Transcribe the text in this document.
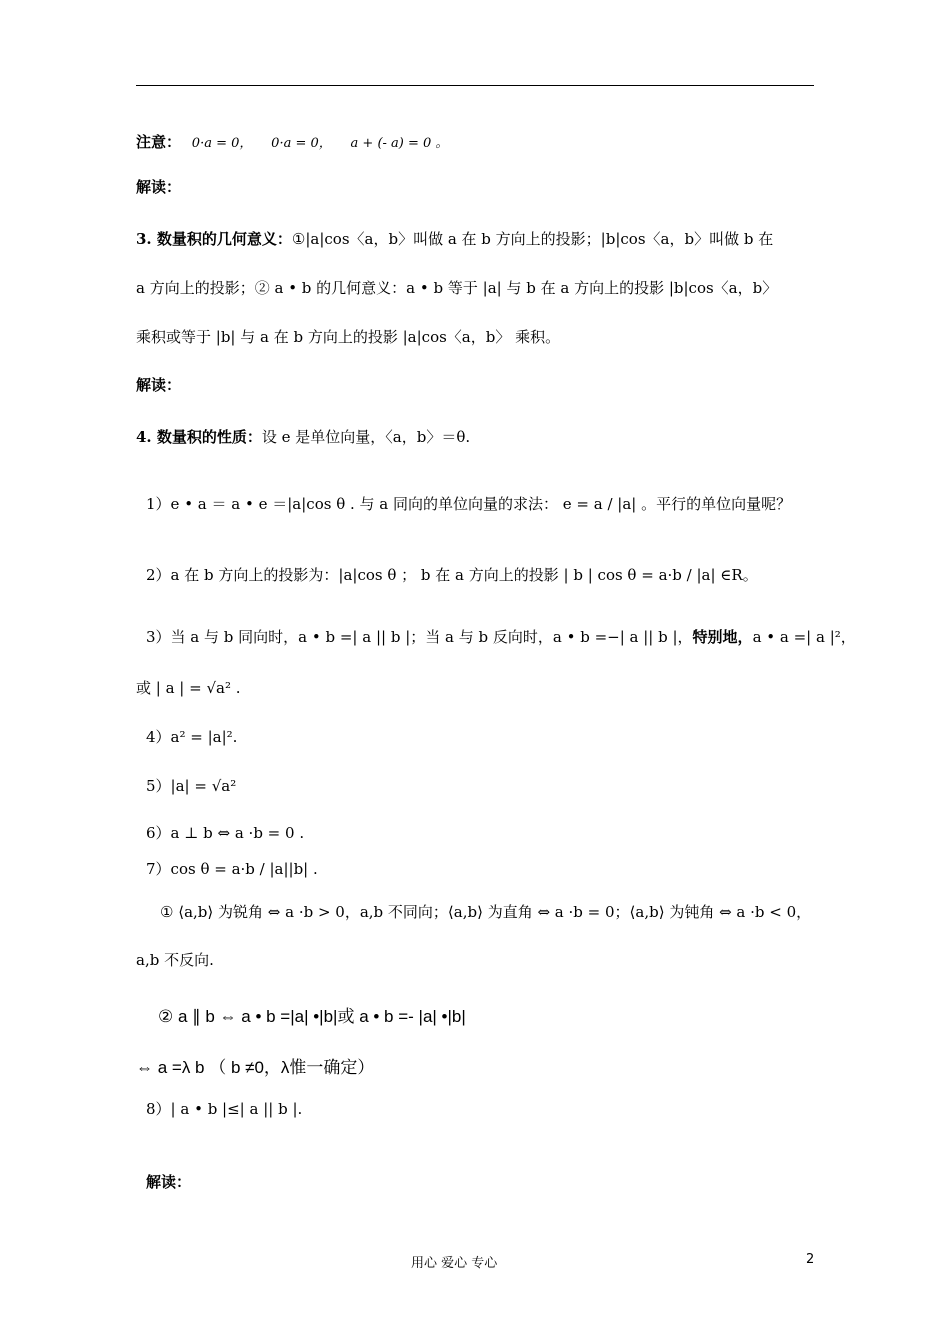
注意： 0·a = 0， 0·a = 0， a + (- a) = 0 。
解读：
3. 数量积的几何意义：①|a|cos〈a，b〉叫做 a 在 b 方向上的投影；|b|cos〈a，b〉叫做 b 在
a 方向上的投影；② a • b 的几何意义：a • b 等于 |a| 与 b 在 a 方向上的投影 |b|cos〈a，b〉
乘积或等于 |b| 与 a 在 b 方向上的投影 |a|cos〈a，b〉 乘积。
解读：
4. 数量积的性质：设 e 是单位向量，〈a，b〉＝θ.
1）e • a ＝ a • e ＝|a|cos θ . 与 a 同向的单位向量的求法： e = a / |a| 。平行的单位向量呢？
2）a 在 b 方向上的投影为：|a|cos θ ； b 在 a 方向上的投影 | b | cos θ = a·b / |a| ∈R。
3）当 a 与 b 同向时，a • b =| a || b |；当 a 与 b 反向时，a • b =−| a || b |，特别地，a • a =| a |²，
或 | a | = √a² .
4）a² = |a|².
5）|a| = √a²
6）a ⊥ b ⇔ a ·b = 0 .
7）cos θ = a·b / |a||b| .
① ⟨a,b⟩ 为锐角 ⇔ a ·b > 0，a,b 不同向；⟨a,b⟩ 为直角 ⇔ a ·b = 0；⟨a,b⟩ 为钝角 ⇔ a ·b < 0，
a,b 不反向.
② a ∥ b ⇔ a • b =|a| •|b|或 a • b =- |a| •|b|
⇔ a =λ b （ b ≠0，λ惟一确定）
8）| a • b |≤| a || b |.
解读：
用心 爱心 专心	2
